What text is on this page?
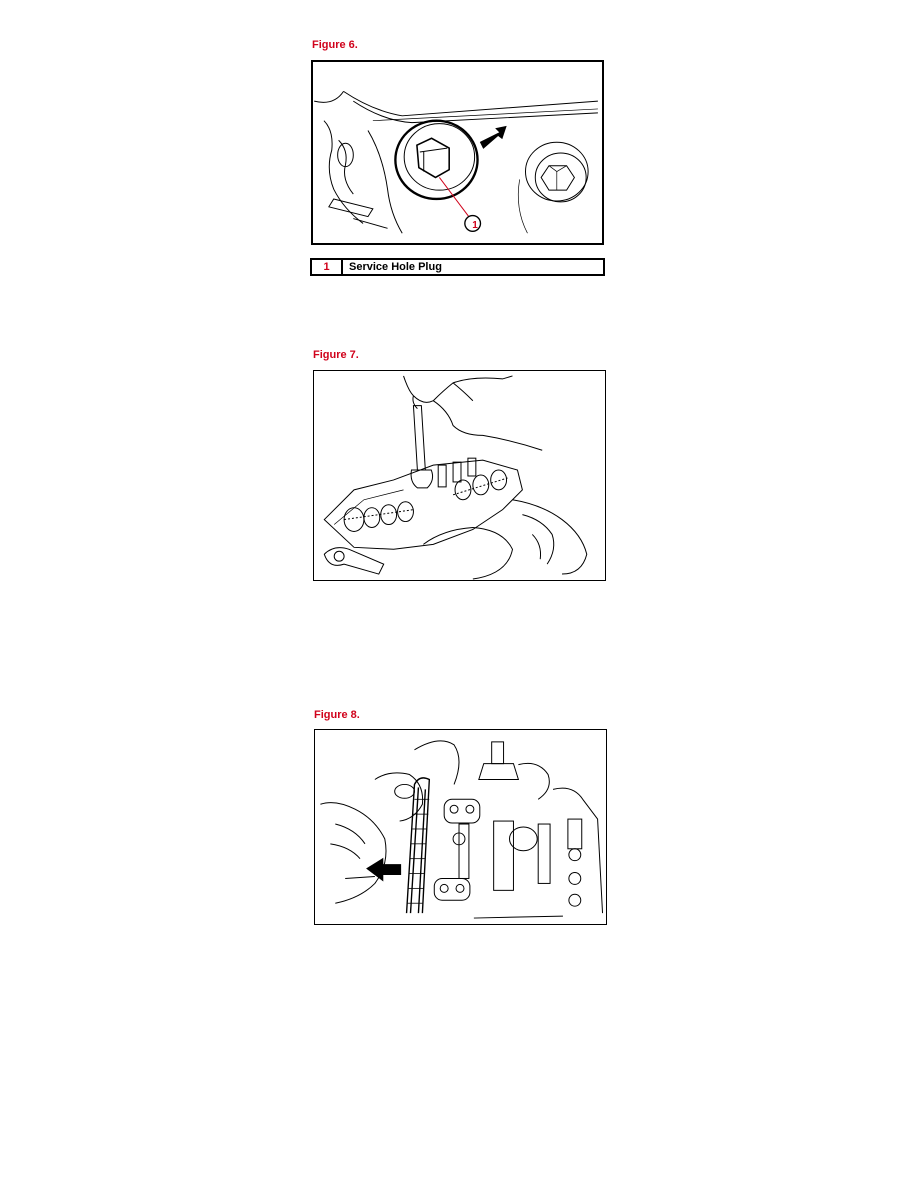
Figure 6.
1
1	Service Hole Plug
Figure 7.
Figure 8.
